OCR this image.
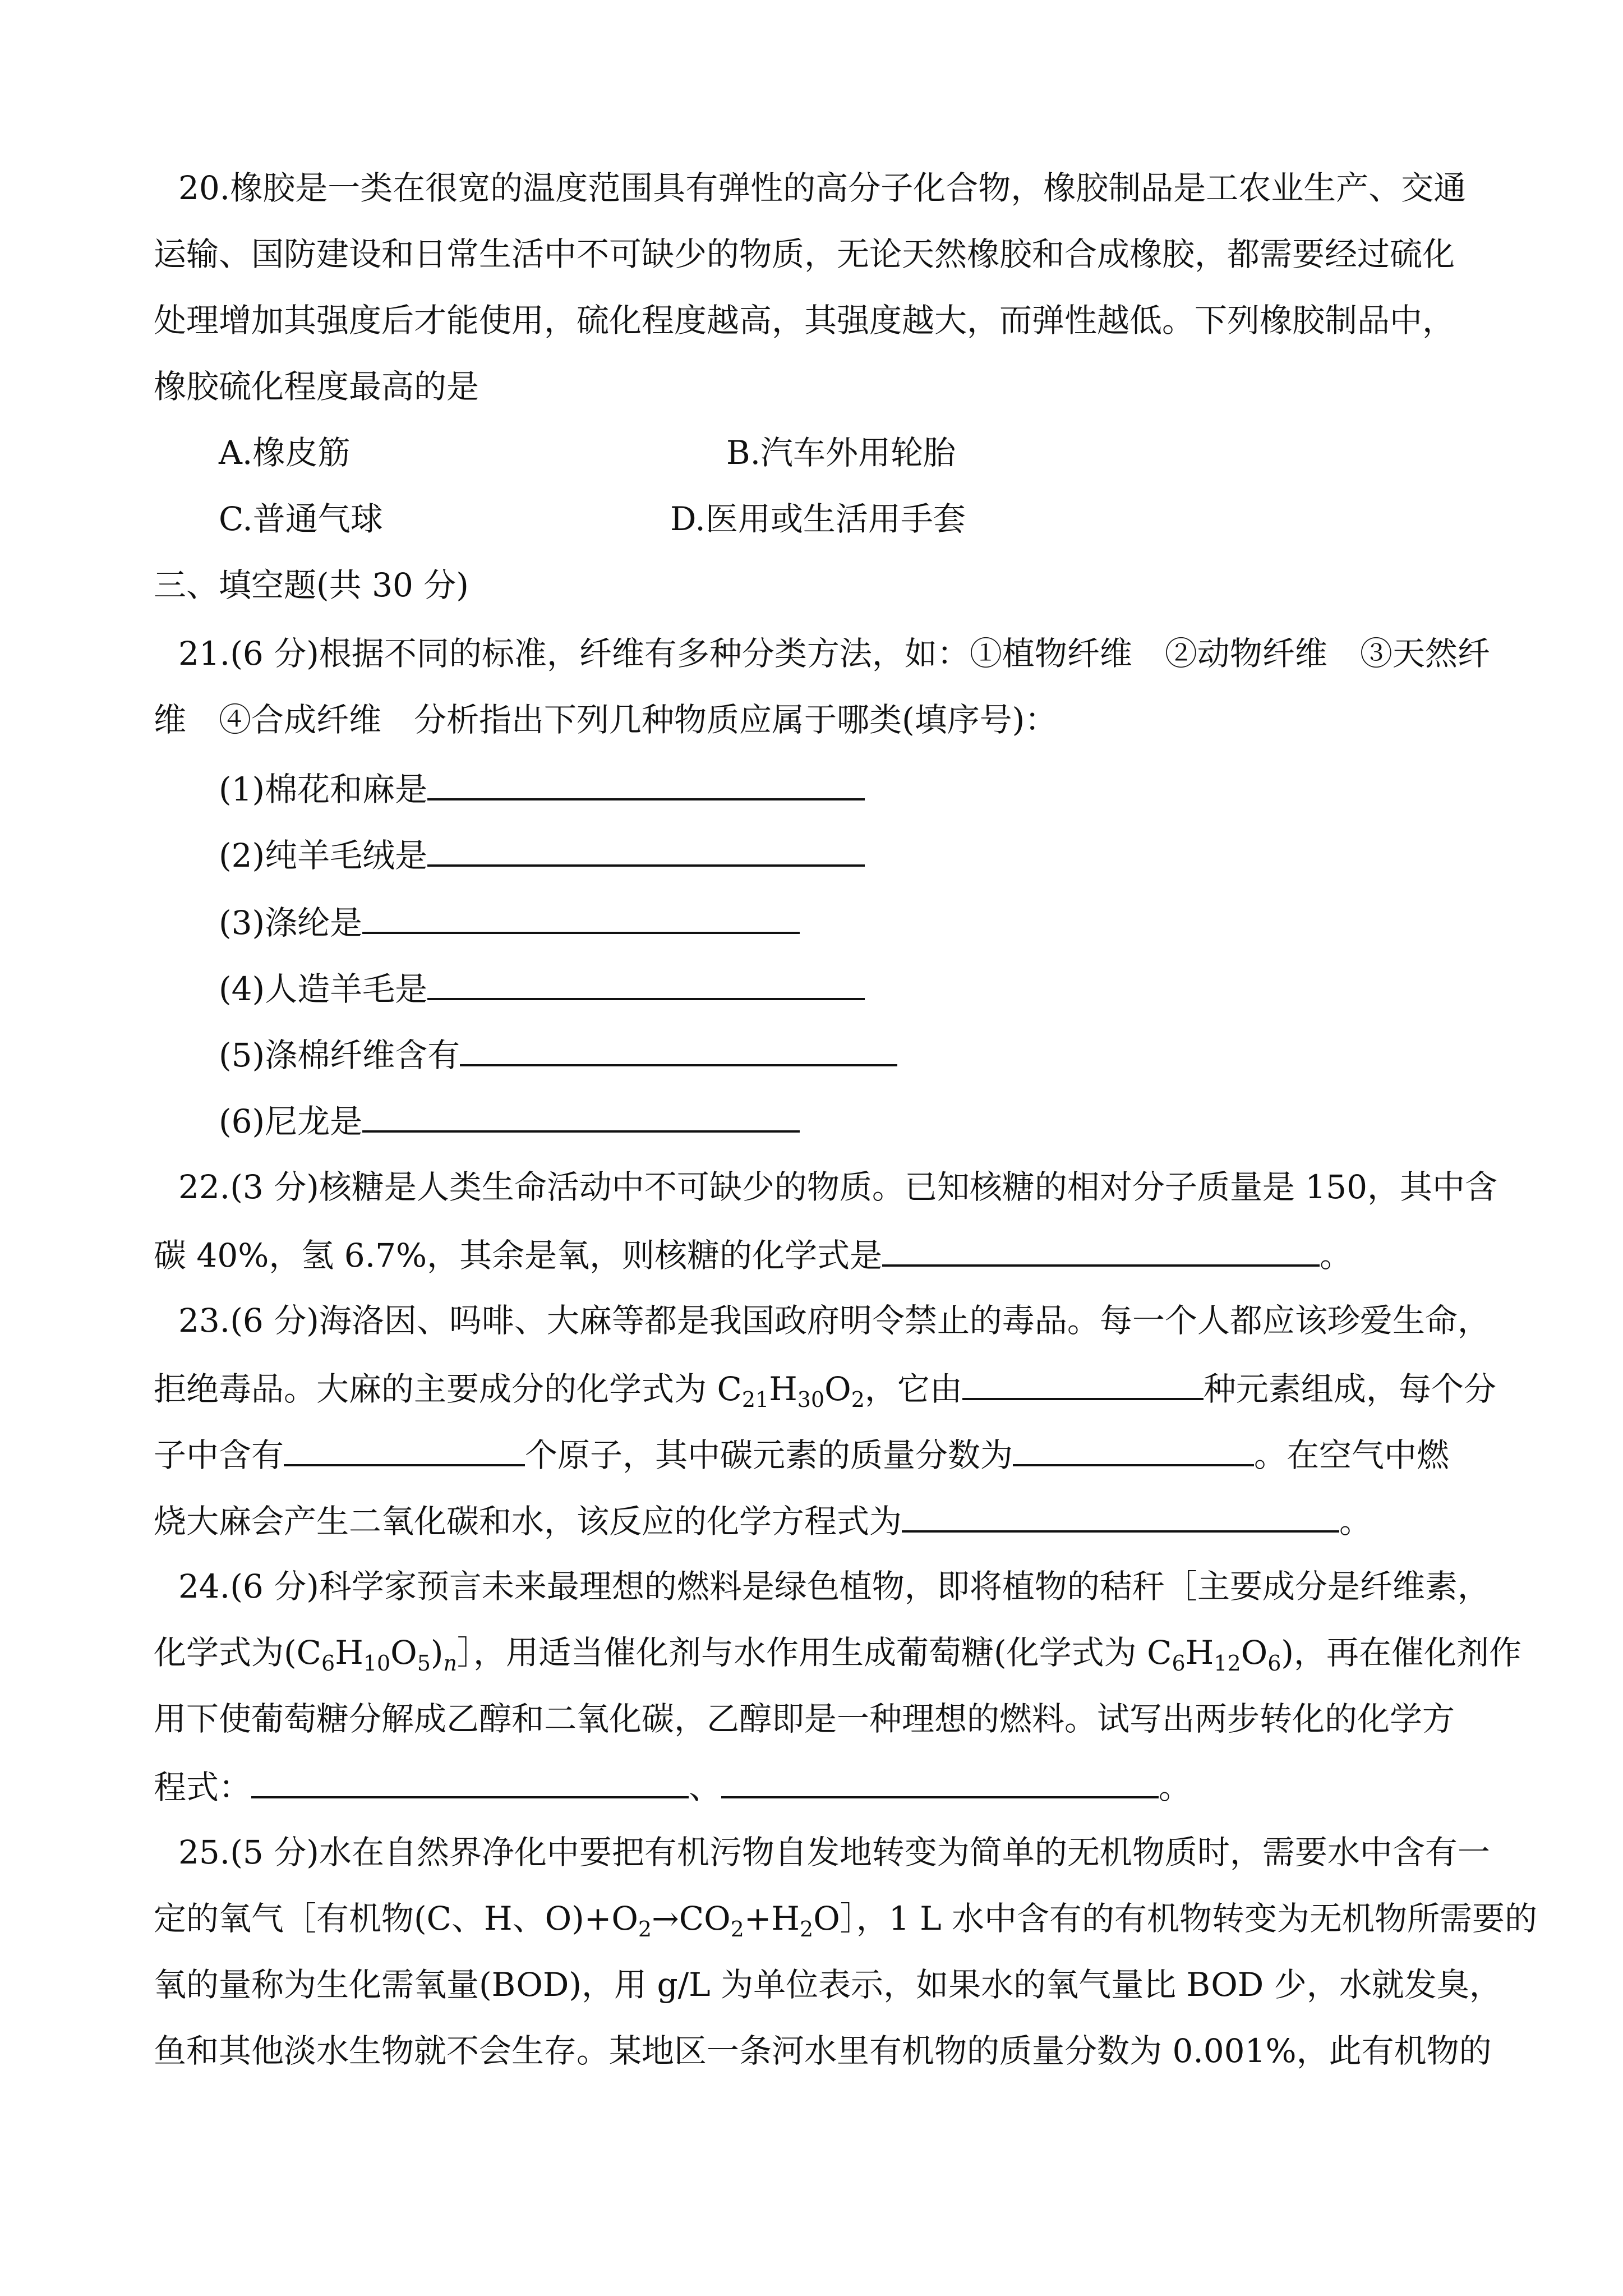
20.橡胶是一类在很宽的温度范围具有弹性的高分子化合物，橡胶制品是工农业生产、交通
运输、国防建设和日常生活中不可缺少的物质，无论天然橡胶和合成橡胶，都需要经过硫化
处理增加其强度后才能使用，硫化程度越高，其强度越大，而弹性越低。下列橡胶制品中，
橡胶硫化程度最高的是
A.橡皮筋	B.汽车外用轮胎
C.普通气球	D.医用或生活用手套
三、填空题(共 30 分)
21.(6 分)根据不同的标准，纤维有多种分类方法，如：①植物纤维　②动物纤维　③天然纤
维　④合成纤维　分析指出下列几种物质应属于哪类(填序号)：
(1)棉花和麻是
(2)纯羊毛绒是
(3)涤纶是
(4)人造羊毛是
(5)涤棉纤维含有
(6)尼龙是
22.(3 分)核糖是人类生命活动中不可缺少的物质。已知核糖的相对分子质量是 150，其中含
碳 40%，氢 6.7%，其余是氧，则核糖的化学式是	。
23.(6 分)海洛因、吗啡、大麻等都是我国政府明令禁止的毒品。每一个人都应该珍爱生命，
拒绝毒品。大麻的主要成分的化学式为 $C_{21}H_{30}O_2$，它由	种元素组成，每个分
子中含有	个原子，其中碳元素的质量分数为	。在空气中燃
烧大麻会产生二氧化碳和水，该反应的化学方程式为	。
24.(6 分)科学家预言未来最理想的燃料是绿色植物，即将植物的秸秆［主要成分是纤维素，
化学式为$(C_6H_{10}O_5)_n]$，用适当催化剂与水作用生成葡萄糖(化学式为 $C_6H_{12}O_6$)，再在催化剂作
用下使葡萄糖分解成乙醇和二氧化碳，乙醇即是一种理想的燃料。试写出两步转化的化学方
程式：	、	。
25.(5 分)水在自然界净化中要把有机污物自发地转变为简单的无机物质时，需要水中含有一
定的氧气［有机物(C、H、$O)+O_2\to CO_2+H_2O]$，1 L 水中含有的有机物转变为无机物所需要的
氧的量称为生化需氧量(BOD)，用 g/L 为单位表示，如果水的氧气量比 BOD 少，水就发臭，
鱼和其他淡水生物就不会生存。某地区一条河水里有机物的质量分数为 0.001%，此有机物的
